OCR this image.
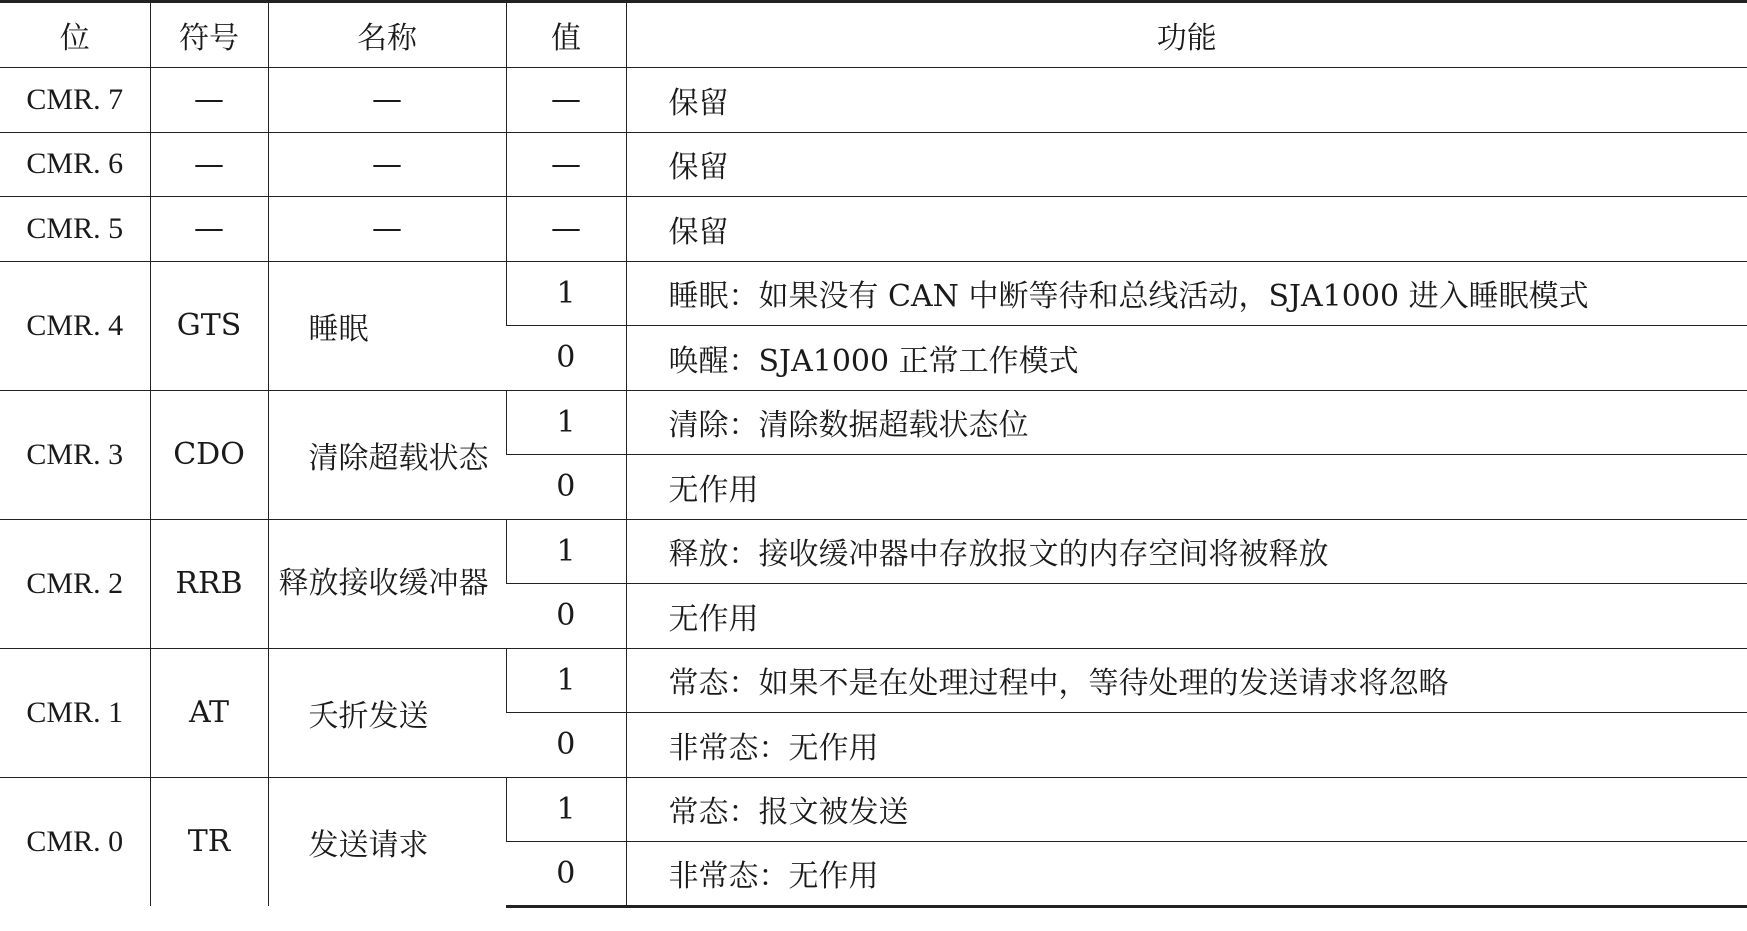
位	符号	名称	值	功能
CMR. 7	—	—	—	保留
CMR. 6	—	—	—	保留
CMR. 5	—	—	—	保留
CMR. 4	GTS	睡眠	1	睡眠：如果没有 CAN 中断等待和总线活动，SJA1000 进入睡眠模式
			0	唤醒：SJA1000 正常工作模式
CMR. 3	CDO	清除超载状态	1	清除：清除数据超载状态位
			0	无作用
CMR. 2	RRB	释放接收缓冲器	1	释放：接收缓冲器中存放报文的内存空间将被释放
			0	无作用
CMR. 1	AT	夭折发送	1	常态：如果不是在处理过程中，等待处理的发送请求将忽略
			0	非常态：无作用
CMR. 0	TR	发送请求	1	常态：报文被发送
			0	非常态：无作用
